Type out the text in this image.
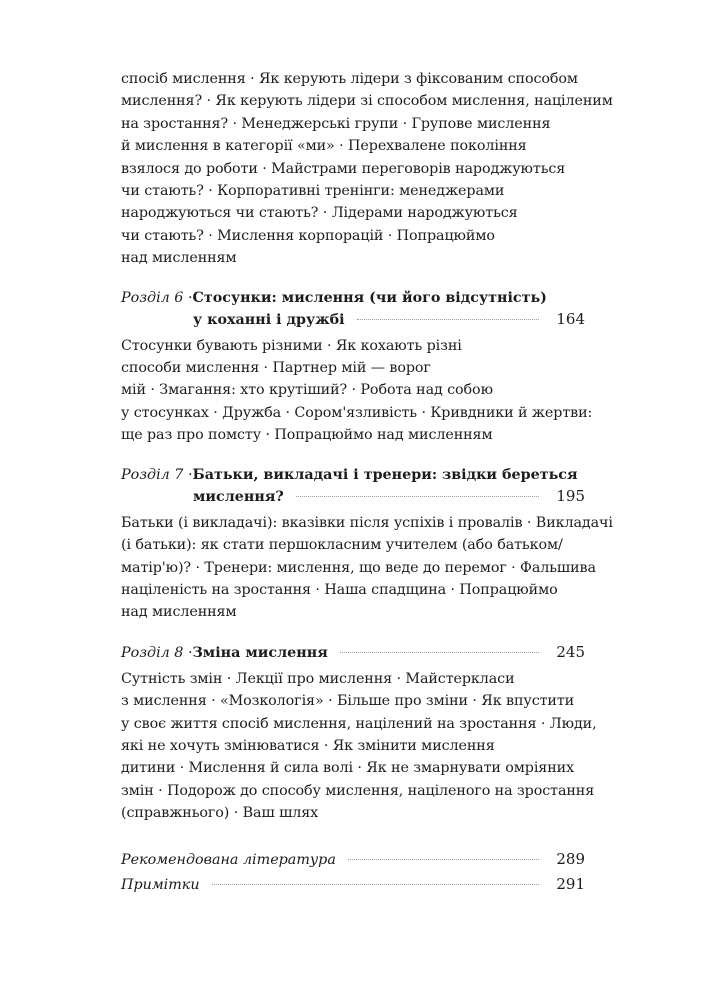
спосіб мислення · Як керують лідери з фіксованим способом
мислення? · Як керують лідери зі способом мислення, націленим
на зростання? · Менеджерські групи · Групове мислення
й мислення в категорії «ми» · Перехвалене покоління
взялося до роботи · Майстрами переговорів народжуються
чи стають? · Корпоративні тренінги: менеджерами
народжуються чи стають? · Лідерами народжуються
чи стають? · Мислення корпорацій · Попрацюймо
над мисленням
Розділ 6 · Стосунки: мислення (чи його відсутність)
у коханні і дружбі	164
Стосунки бувають різними · Як кохають різні
способи мислення · Партнер мій — ворог
мій · Змагання: хто крутіший? · Робота над собою
у стосунках · Дружба · Сором'язливість · Кривдники й жертви:
ще раз про помсту · Попрацюймо над мисленням
Розділ 7 · Батьки, викладачі і тренери: звідки береться
мислення?	195
Батьки (і викладачі): вказівки після успіхів і провалів · Викладачі
(і батьки): як стати першокласним учителем (або батьком/
матір'ю)? · Тренери: мислення, що веде до перемог · Фальшива
націленість на зростання · Наша спадщина · Попрацюймо
над мисленням
Розділ 8 · Зміна мислення	245
Сутність змін · Лекції про мислення · Майстеркласи
з мислення · «Мозкологія» · Більше про зміни · Як впустити
у своє життя спосіб мислення, націлений на зростання · Люди,
які не хочуть змінюватися · Як змінити мислення
дитини · Мислення й сила волі · Як не змарнувати омріяних
змін · Подорож до способу мислення, націленого на зростання
(справжнього) · Ваш шлях
Рекомендована література	289
Примітки	291
